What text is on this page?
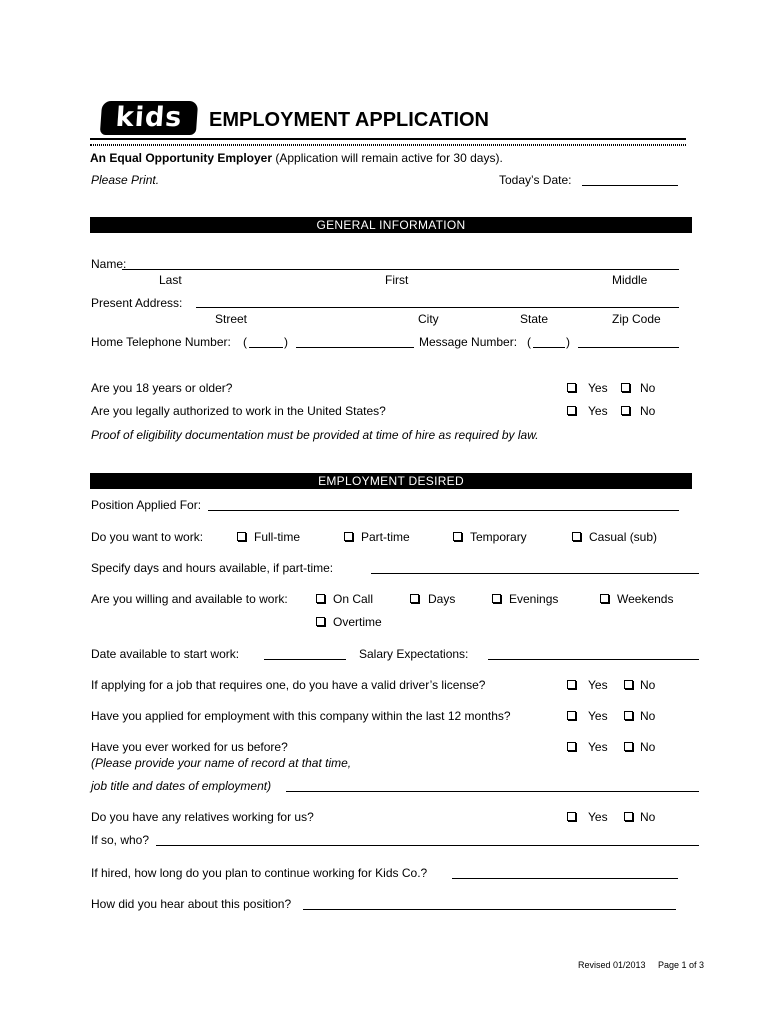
kids	EMPLOYMENT APPLICATION
An Equal Opportunity Employer (Application will remain active for 30 days).
Please Print.	Today’s Date:
GENERAL INFORMATION
Name:
Last	First	Middle
Present Address:
Street	City	State	Zip Code
Home Telephone Number: (	)	Message Number: (	)
Are you 18 years or older?	Yes	No
Are you legally authorized to work in the United States?	Yes	No
Proof of eligibility documentation must be provided at time of hire as required by law.
EMPLOYMENT DESIRED
Position Applied For:
Do you want to work:	Full-time	Part-time	Temporary	Casual (sub)
Specify days and hours available, if part-time:
Are you willing and available to work:	On Call	Days	Evenings	Weekends
Overtime
Date available to start work:	Salary Expectations:
If applying for a job that requires one, do you have a valid driver’s license?	Yes	No
Have you applied for employment with this company within the last 12 months?	Yes	No
Have you ever worked for us before?	Yes	No
(Please provide your name of record at that time,
job title and dates of employment)
Do you have any relatives working for us?	Yes	No
If so, who?
If hired, how long do you plan to continue working for Kids Co.?
How did you hear about this position?
Revised 01/2013 Page 1 of 3
